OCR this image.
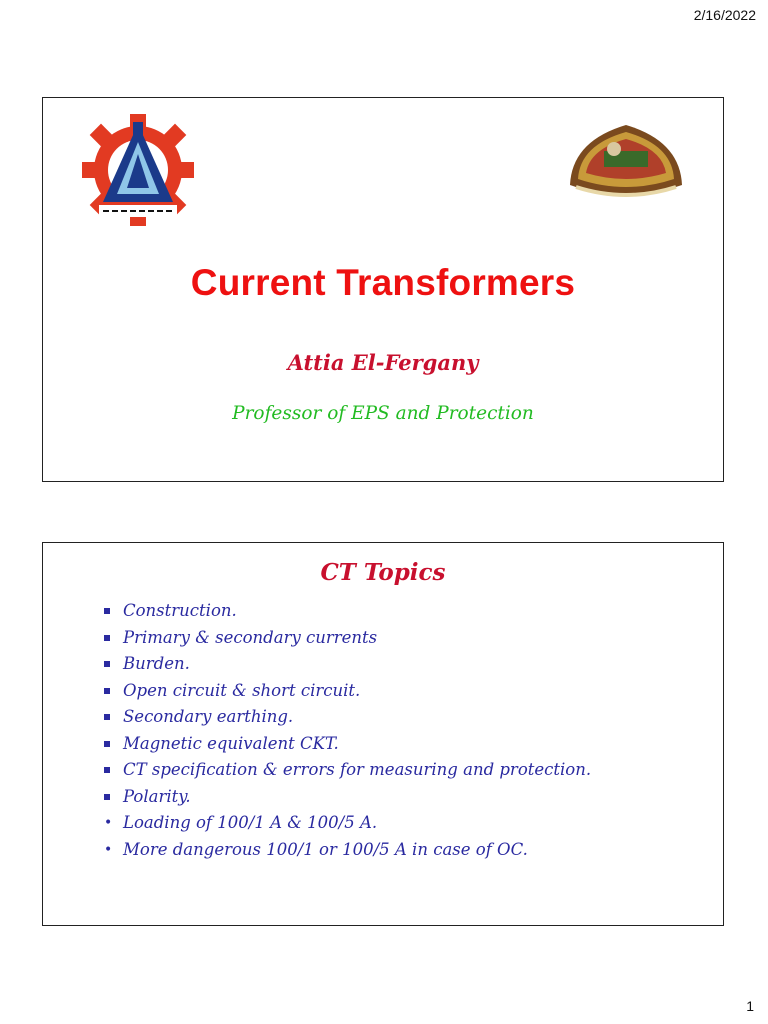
2/16/2022
Current Transformers
Attia El-Fergany
Professor of EPS and Protection
CT Topics
Construction.
Primary & secondary currents
Burden.
Open circuit & short circuit.
Secondary earthing.
Magnetic equivalent CKT.
CT specification & errors for measuring and protection.
Polarity.
• Loading of 100/1 A & 100/5 A.
• More dangerous 100/1 or 100/5 A in case of OC.
1
